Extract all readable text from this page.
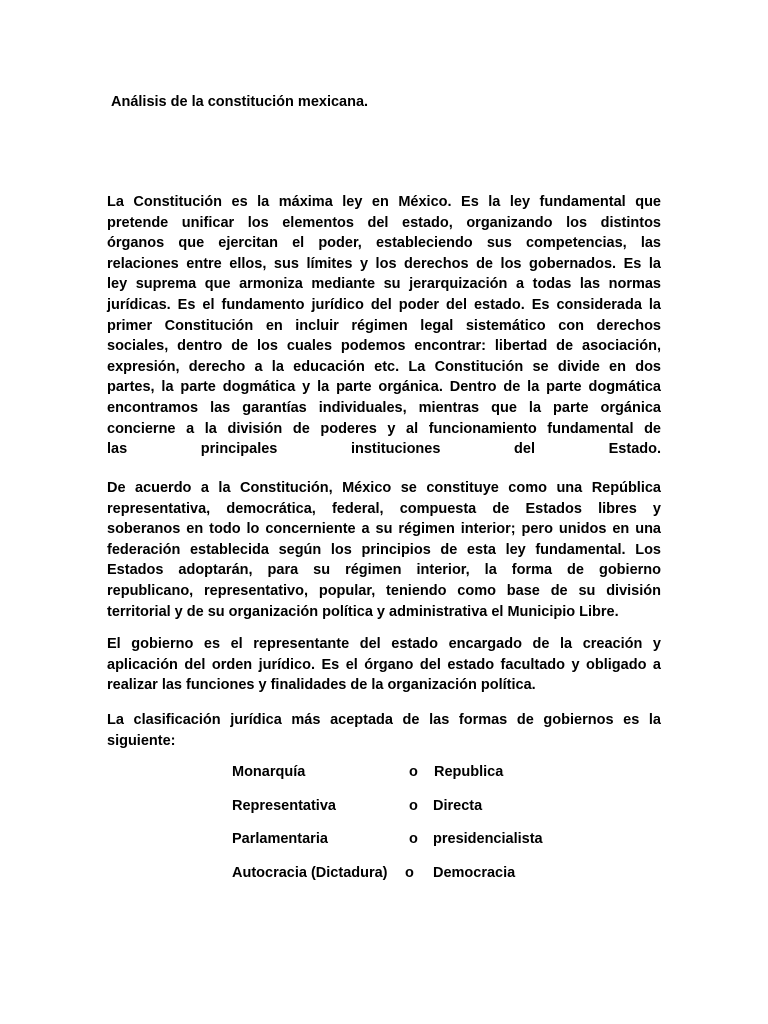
Análisis de la constitución mexicana.
La Constitución es la máxima ley en México. Es la ley fundamental que
pretende unificar los elementos del estado, organizando los distintos
órganos que ejercitan el poder, estableciendo sus competencias, las
relaciones entre ellos, sus límites y los derechos de los gobernados. Es la
ley suprema que armoniza mediante su jerarquización a todas las normas
jurídicas. Es el fundamento jurídico del poder del estado. Es considerada la
primer Constitución en incluir régimen legal sistemático con derechos
sociales, dentro de los cuales podemos encontrar: libertad de asociación,
expresión, derecho a la educación etc. La Constitución se divide en dos
partes, la parte dogmática y la parte orgánica. Dentro de la parte dogmática
encontramos las garantías individuales, mientras que la parte orgánica
concierne a la división de poderes y al funcionamiento fundamental de
las principales instituciones del Estado.
De acuerdo a la Constitución, México se constituye como una República
representativa, democrática, federal, compuesta de Estados libres y
soberanos en todo lo concerniente a su régimen interior; pero unidos en una
federación establecida según los principios de esta ley fundamental. Los
Estados adoptarán, para su régimen interior, la forma de gobierno
republicano, representativo, popular, teniendo como base de su división
territorial y de su organización política y administrativa el Municipio Libre.
El gobierno es el representante del estado encargado de la creación y
aplicación del orden jurídico. Es el órgano del estado facultado y obligado a
realizar las funciones y finalidades de la organización política.
La clasificación jurídica más aceptada de las formas de gobiernos es la
siguiente:
Monarquía	o Republica
Representativa	o Directa
Parlamentaria	o presidencialista
Autocracia (Dictadura) o Democracia
